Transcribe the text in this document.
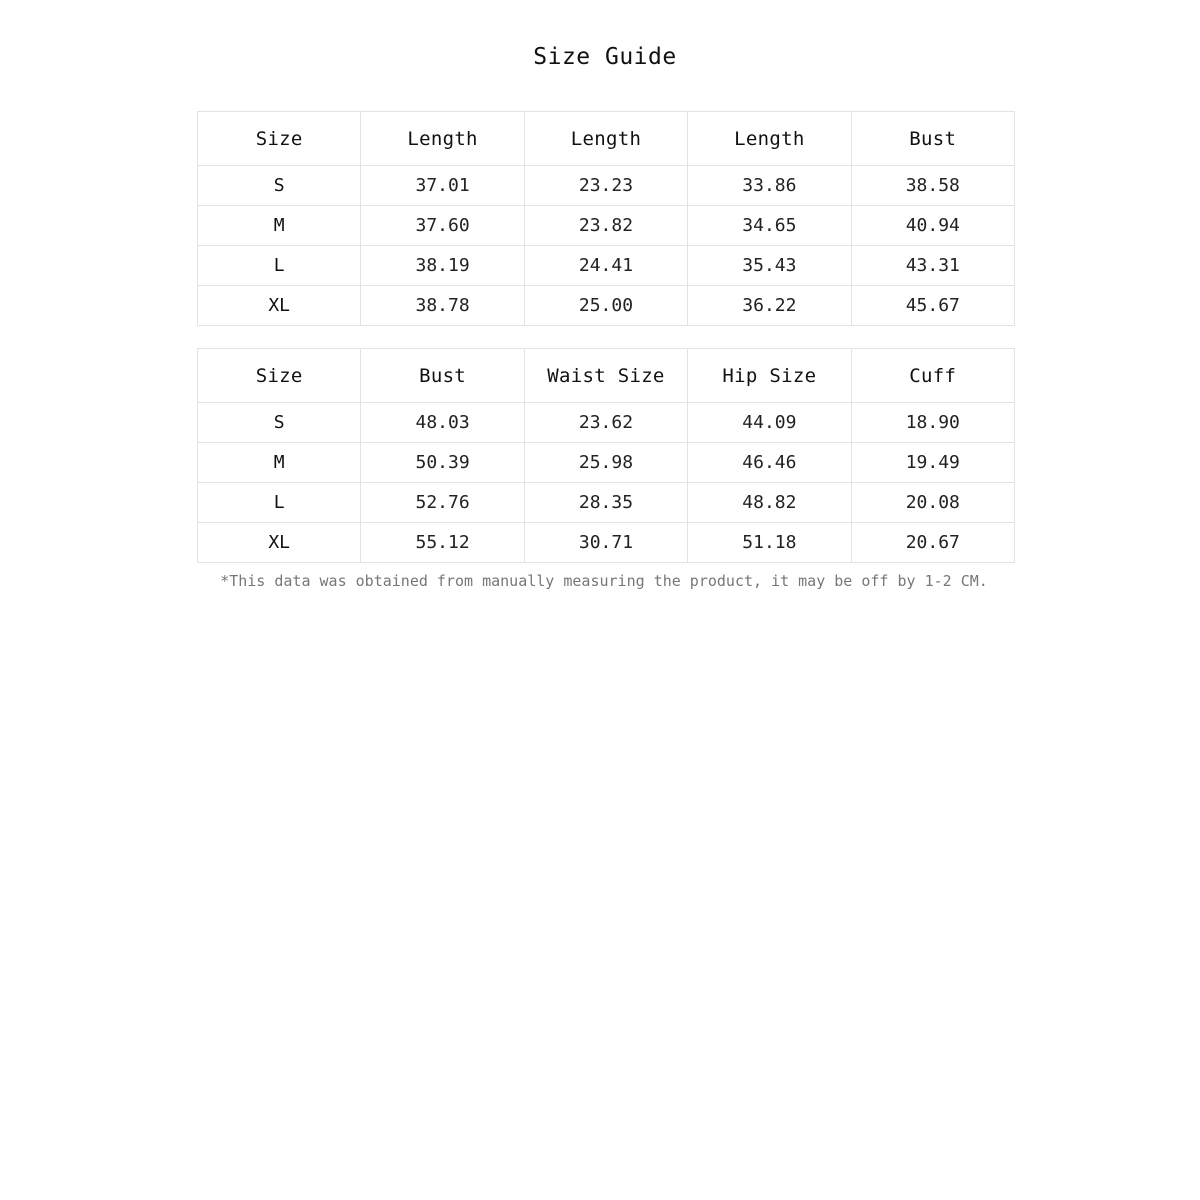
Size Guide
Size	Length	Length	Length	Bust
S	37.01	23.23	33.86	38.58
M	37.60	23.82	34.65	40.94
L	38.19	24.41	35.43	43.31
XL	38.78	25.00	36.22	45.67
Size	Bust	Waist Size	Hip Size	Cuff
S	48.03	23.62	44.09	18.90
M	50.39	25.98	46.46	19.49
L	52.76	28.35	48.82	20.08
XL	55.12	30.71	51.18	20.67
*This data was obtained from manually measuring the product, it may be off by 1-2 CM.
